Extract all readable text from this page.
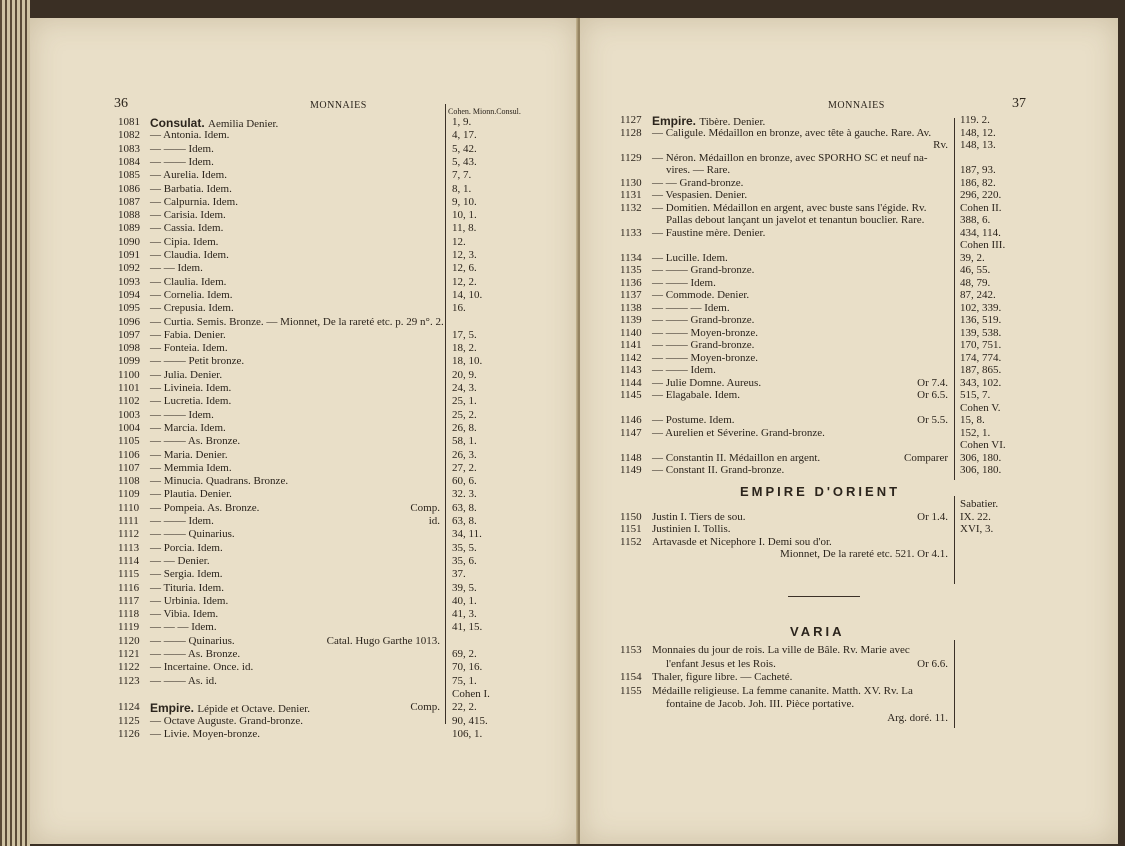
36	MONNAIES
Cohen. Mionn.Consul.
1081 Consulat. Aemilia Denier.	1, 9.
1082 — Antonia. Idem.	4, 17.
1083 — —— Idem.	5, 42.
1084 — —— Idem.	5, 43.
1085 — Aurelia. Idem.	7, 7.
1086 — Barbatia. Idem.	8, 1.
1087 — Calpurnia. Idem.	9, 10.
1088 — Carisia. Idem.	10, 1.
1089 — Cassia. Idem.	11, 8.
1090 — Cipia. Idem.	12.
1091 — Claudia. Idem.	12, 3.
1092 — — Idem.	12, 6.
1093 — Claulia. Idem.	12, 2.
1094 — Cornelia. Idem.	14, 10.
1095 — Crepusia. Idem.	16.
1096 — Curtia. Semis. Bronze. — Mionnet, De la rareté etc. p. 29 n°. 2.
1097 — Fabia. Denier.	17, 5.
1098 — Fonteia. Idem.	18, 2.
1099 — —— Petit bronze.	18, 10.
1100 — Julia. Denier.	20, 9.
1101 — Livineia. Idem.	24, 3.
1102 — Lucretia. Idem.	25, 1.
1003 — —— Idem.	25, 2.
1004 — Marcia. Idem.	26, 8.
1105 — —— As. Bronze.	58, 1.
1106 — Maria. Denier.	26, 3.
1107 — Memmia Idem.	27, 2.
1108 — Minucia. Quadrans. Bronze.	60, 6.
1109 — Plautia. Denier.	32. 3.
1110 — Pompeia. As. Bronze.	Comp. 63, 8.
1111 — —— Idem.	id. 63, 8.
1112 — —— Quinarius.	34, 11.
1113 — Porcia. Idem.	35, 5.
1114 — — Denier.	35, 6.
1115 — Sergia. Idem.	37.
1116 — Tituria. Idem.	39, 5.
1117 — Urbinia. Idem.	40, 1.
1118 — Vibia. Idem.	41, 3.
1119 — — — Idem.	41, 15.
1120 — —— Quinarius.	Catal. Hugo Garthe 1013.
1121 — —— As. Bronze.	69, 2.
1122 — Incertaine. Once. id.	70, 16.
1123 — —— As. id.	75, 1.
Cohen I.
1124 Empire. Lépide et Octave. Denier.	Comp. 22, 2.
1125 — Octave Auguste. Grand-bronze.	90, 415.
1126 — Livie. Moyen-bronze.	106, 1.
37
MONNAIES
1127 Empire. Tibère. Denier.	119. 2.
1128 — Caligule. Médaillon en bronze, avec tête à gauche. Rare. Av.	148, 12.
Rv. 148, 13.
1129 — Néron. Médaillon en bronze, avec SPORHO SC et neuf na-
vires. — Rare.	187, 93.
1130 — — Grand-bronze.	186, 82.
1131 — Vespasien. Denier.	296, 220.
1132 — Domitien. Médaillon en argent, avec buste sans l'égide. Rv.	Cohen II.
Pallas debout lançant un javelot et tenantun bouclier. Rare.	388, 6.
1133 — Faustine mère. Denier.	434, 114.
Cohen III.
1134 — Lucille. Idem.	39, 2.
1135 — —— Grand-bronze.	46, 55.
1136 — —— Idem.	48, 79.
1137 — Commode. Denier.	87, 242.
1138 — —— — Idem.	102, 339.
1139 — —— Grand-bronze.	136, 519.
1140 — —— Moyen-bronze.	139, 538.
1141 — —— Grand-bronze.	170, 751.
1142 — —— Moyen-bronze.	174, 774.
1143 — —— Idem.	187, 865.
1144 — Julie Domne. Aureus.	Or 7.4. 343, 102.
1145 — Elagabale. Idem.	Or 6.5. 515, 7.
Cohen V.
1146 — Postume. Idem.	Or 5.5. 15, 8.
1147 — Aurelien et Séverine. Grand-bronze.	152, 1.
Cohen VI.
1148 — Constantin II. Médaillon en argent.	Comparer 306, 180.
1149 — Constant II. Grand-bronze.	306, 180.
EMPIRE D'ORIENT
Sabatier.
1150 Justin I. Tiers de sou.	Or 1.4. IX. 22.
1151 Justinien I. Tollis.	XVI, 3.
1152 Artavasde et Nicephore I. Demi sou d'or.
Mionnet, De la rareté etc. 521. Or 4.1.
VARIA
1153 Monnaies du jour de rois. La ville de Bâle. Rv. Marie avec
l'enfant Jesus et les Rois.	Or 6.6.
1154 Thaler, figure libre. — Cacheté.
1155 Médaille religieuse. La femme cananite. Matth. XV. Rv. La
fontaine de Jacob. Joh. III. Pièce portative.
Arg. doré. 11.
